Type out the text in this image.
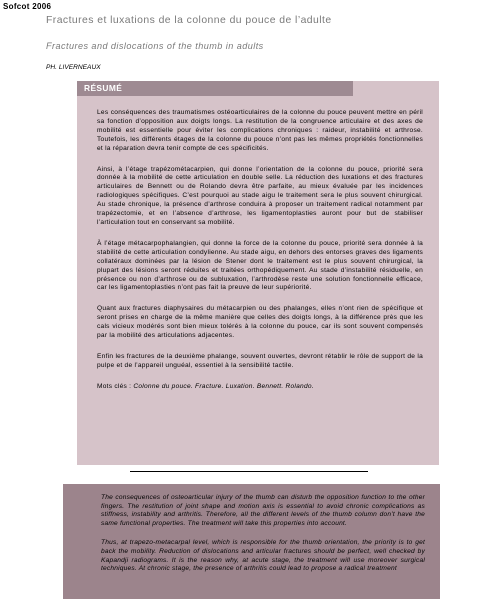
Sofcot 2006
Fractures et luxations de la colonne du pouce de l’adulte
Fractures and dislocations of the thumb in adults
PH. LIVERNEAUX
RÉSUMÉ

Les conséquences des traumatismes ostéoarticulaires de la colonne du pouce peuvent mettre en péril sa fonction d’opposition aux doigts longs. La restitution de la congruence articulaire et des axes de mobilité est essentielle pour éviter les complications chroniques : raideur, instabilité et arthrose. Toutefois, les différents étages de la colonne du pouce n’ont pas les mêmes propriétés fonctionnelles et la réparation devra tenir compte de ces spécificités.

Ainsi, à l’étage trapézométacarpien, qui donne l’orientation de la colonne du pouce, priorité sera donnée à la mobilité de cette articulation en double selle. La réduction des luxations et des fractures articulaires de Bennett ou de Rolando devra être parfaite, au mieux évaluée par les incidences radiologiques spécifiques. C’est pourquoi au stade aigu le traitement sera le plus souvent chirurgical. Au stade chronique, la présence d’arthrose conduira à proposer un traitement radical notamment par trapézectomie, et en l’absence d’arthrose, les ligamentoplasties auront pour but de stabiliser l’articulation tout en conservant sa mobilité.

À l’étage métacarpophalangien, qui donne la force de la colonne du pouce, priorité sera donnée à la stabilité de cette articulation condylienne. Au stade aigu, en dehors des entorses graves des ligaments collatéraux dominées par la lésion de Stener dont le traitement est le plus souvent chirurgical, la plupart des lésions seront réduites et traitées orthopédiquement. Au stade d’instabilité résiduelle, en présence ou non d’arthrose ou de subluxation, l’arthrodèse reste une solution fonctionnelle efficace, car les ligamentoplasties n’ont pas fait la preuve de leur supériorité.

Quant aux fractures diaphysaires du métacarpien ou des phalanges, elles n’ont rien de spécifique et seront prises en charge de la même manière que celles des doigts longs, à la différence près que les cals vicieux modérés sont bien mieux tolérés à la colonne du pouce, car ils sont souvent compensés par la mobilité des articulations adjacentes.

Enfin les fractures de la deuxième phalange, souvent ouvertes, devront rétablir le rôle de support de la pulpe et de l’appareil unguéal, essentiel à la sensibilité tactile.

Mots clés : Colonne du pouce. Fracture. Luxation. Bennett. Rolando.

The consequences of osteoarticular injury of the thumb can disturb the opposition function to the other fingers. The restitution of joint shape and motion axis is essential to avoid chronic complications as stiffness, instability and arthritis. Therefore, all the different levels of the thumb column don’t have the same functional properties. The treatment will take this properties into account.

Thus, at trapezo-metacarpal level, which is responsible for the thumb orientation, the priority is to get back the mobility. Reduction of dislocations and articular fractures should be perfect, well checked by Kapandji radiograms. It is the reason why, at acute stage, the treatment will use moreover surgical techniques. At chronic stage, the presence of arthritis could lead to propose a radical treatment
